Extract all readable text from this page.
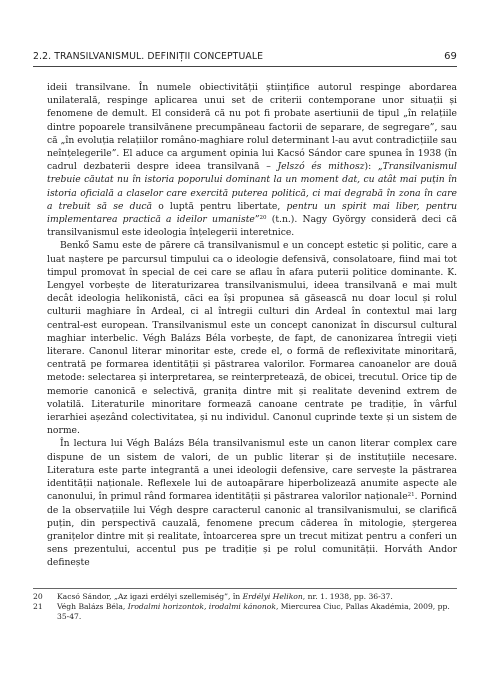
2.2. TRANSILVANISMUL. DEFINIȚII CONCEPTUALE	69

ideii transilvane. În numele obiectivității științifice autorul respinge abordarea unilaterală, respinge aplicarea unui set de criterii contemporane unor situații și fenomene de demult. El consideră că nu pot fi probate asertiunii de tipul „în relațiile dintre popoarele transilvănene precumpăneau factorii de separare, de segregare”, sau că „în evoluția relațiilor româno-maghiare rolul determinant l-au avut contradicțiile sau neînțelegerile”. El aduce ca argument opinia lui Kacsó Sándor care spunea în 1938 (în cadrul dezbaterii despre ideea transilvană – Jelszó és mithosz): „Transilvanismul trebuie căutat nu în istoria poporului dominant la un moment dat, cu atât mai puțin în istoria oficială a claselor care exercită puterea politică, ci mai degrabă în zona în care a trebuit să se ducă o luptă pentru libertate, pentru un spirit mai liber, pentru implementarea practică a ideilor umaniste”$^{20}$ (t.n.). Nagy György consideră deci că transilvanismul este ideologia înțelegerii interetnice.

Benkő Samu este de părere că transilvanismul e un concept estetic și politic, care a luat naștere pe parcursul timpului ca o ideologie defensivă, consolatoare, fiind mai tot timpul promovat în special de cei care se aflau în afara puterii politice dominante. K. Lengyel vorbește de literaturizarea transilvanismului, ideea transilvană e mai mult decât ideologia helikonistă, căci ea își propunea să găsească nu doar locul și rolul culturii maghiare în Ardeal, ci al întregii culturi din Ardeal în contextul mai larg central-est european. Transilvanismul este un concept canonizat în discursul cultural maghiar interbelic. Végh Balázs Béla vorbește, de fapt, de canonizarea întregii vieți literare. Canonul literar minoritar este, crede el, o formă de reflexivitate minoritară, centrată pe formarea identității și păstrarea valorilor. Formarea canoanelor are două metode: selectarea și interpretarea, se reinterpretează, de obicei, trecutul. Orice tip de memorie canonică e selectivă, granița dintre mit și realitate devenind extrem de volatilă. Literaturile minoritare formează canoane centrate pe tradiție, în vârful ierarhiei așezând colectivitatea, și nu individul. Canonul cuprinde texte și un sistem de norme.

În lectura lui Végh Balázs Béla transilvanismul este un canon literar complex care dispune de un sistem de valori, de un public literar și de instituțiile necesare. Literatura este parte integrantă a unei ideologii defensive, care servește la păstrarea identității naționale. Reflexele lui de autoapărare hiperbolizează anumite aspecte ale canonului, în primul rând formarea identității și păstrarea valorilor naționale$^{21}$. Pornind de la observațiile lui Végh despre caracterul canonic al transilvanismului, se clarifică puțin, din perspectivă cauzală, fenomene precum căderea în mitologie, ștergerea granițelor dintre mit și realitate, întoarcerea spre un trecut mitizat pentru a conferi un sens prezentului, accentul pus pe tradiție și pe rolul comunității. Horváth Andor definește

20	Kacsó Sándor, „Az igazi erdélyi szellemiség”, în Erdélyi Helikon, nr. 1. 1938, pp. 36-37.
21	Végh Balázs Béla, Irodalmi horizontok, irodalmi kánonok, Miercurea Ciuc, Pallas Akadémia, 2009, pp. 35-47.
